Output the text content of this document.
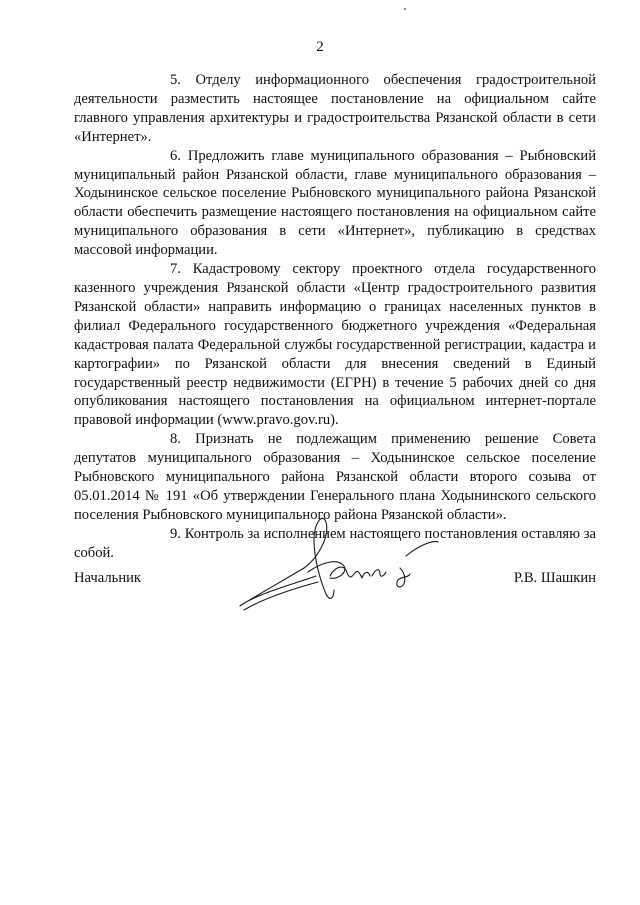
2

5. Отделу информационного обеспечения градостроительной деятельности разместить настоящее постановление на официальном сайте главного управления архитектуры и градостроительства Рязанской области в сети «Интернет».

6. Предложить главе муниципального образования – Рыбновский муниципальный район Рязанской области, главе муниципального образования – Ходынинское сельское поселение Рыбновского муниципального района Рязанской области обеспечить размещение настоящего постановления на официальном сайте муниципального образования в сети «Интернет», публикацию в средствах массовой информации.

7. Кадастровому сектору проектного отдела государственного казенного учреждения Рязанской области «Центр градостроительного развития Рязанской области» направить информацию о границах населенных пунктов в филиал Федерального государственного бюджетного учреждения «Федеральная кадастровая палата Федеральной службы государственной регистрации, кадастра и картографии» по Рязанской области для внесения сведений в Единый государственный реестр недвижимости (ЕГРН) в течение 5 рабочих дней со дня опубликования настоящего постановления на официальном интернет-портале правовой информации (www.pravo.gov.ru).

8. Признать не подлежащим применению решение Совета депутатов муниципального образования – Ходынинское сельское поселение Рыбновского муниципального района Рязанской области второго созыва от 05.01.2014 № 191 «Об утверждении Генерального плана Ходынинского сельского поселения Рыбновского муниципального района Рязанской области».

9. Контроль за исполнением настоящего постановления оставляю за собой.

Начальник	Р.В. Шашкин
